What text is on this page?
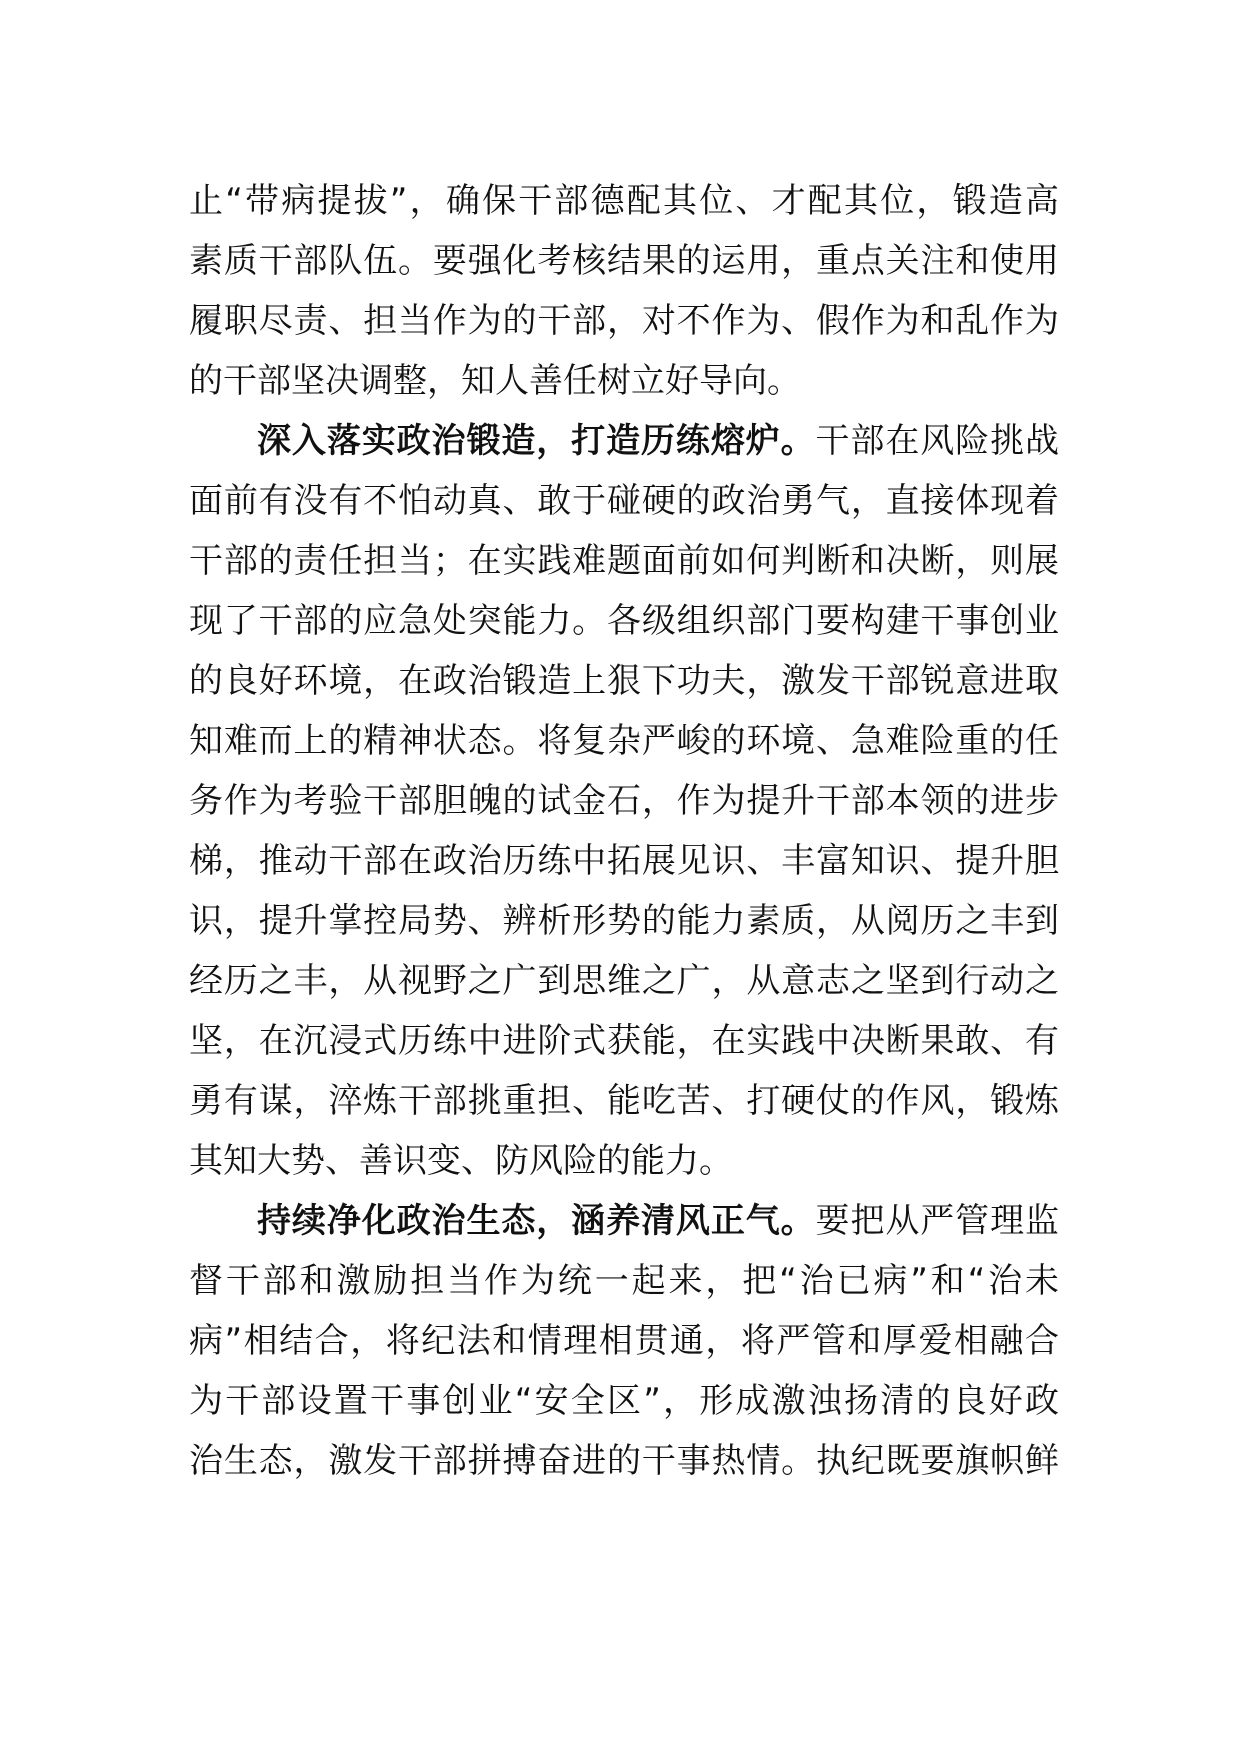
止“带病提拔”，确保干部德配其位、才配其位，锻造高
素质干部队伍。要强化考核结果的运用，重点关注和使用
履职尽责、担当作为的干部，对不作为、假作为和乱作为
的干部坚决调整，知人善任树立好导向。
深入落实政治锻造，打造历练熔炉。干部在风险挑战
面前有没有不怕动真、敢于碰硬的政治勇气，直接体现着
干部的责任担当；在实践难题面前如何判断和决断，则展
现了干部的应急处突能力。各级组织部门要构建干事创业
的良好环境，在政治锻造上狠下功夫，激发干部锐意进取
知难而上的精神状态。将复杂严峻的环境、急难险重的任
务作为考验干部胆魄的试金石，作为提升干部本领的进步
梯，推动干部在政治历练中拓展见识、丰富知识、提升胆
识，提升掌控局势、辨析形势的能力素质，从阅历之丰到
经历之丰，从视野之广到思维之广，从意志之坚到行动之
坚，在沉浸式历练中进阶式获能，在实践中决断果敢、有
勇有谋，淬炼干部挑重担、能吃苦、打硬仗的作风，锻炼
其知大势、善识变、防风险的能力。
持续净化政治生态，涵养清风正气。要把从严管理监
督干部和激励担当作为统一起来，把“治已病”和“治未
病”相结合，将纪法和情理相贯通，将严管和厚爱相融合
为干部设置干事创业“安全区”，形成激浊扬清的良好政
治生态，激发干部拼搏奋进的干事热情。执纪既要旗帜鲜
